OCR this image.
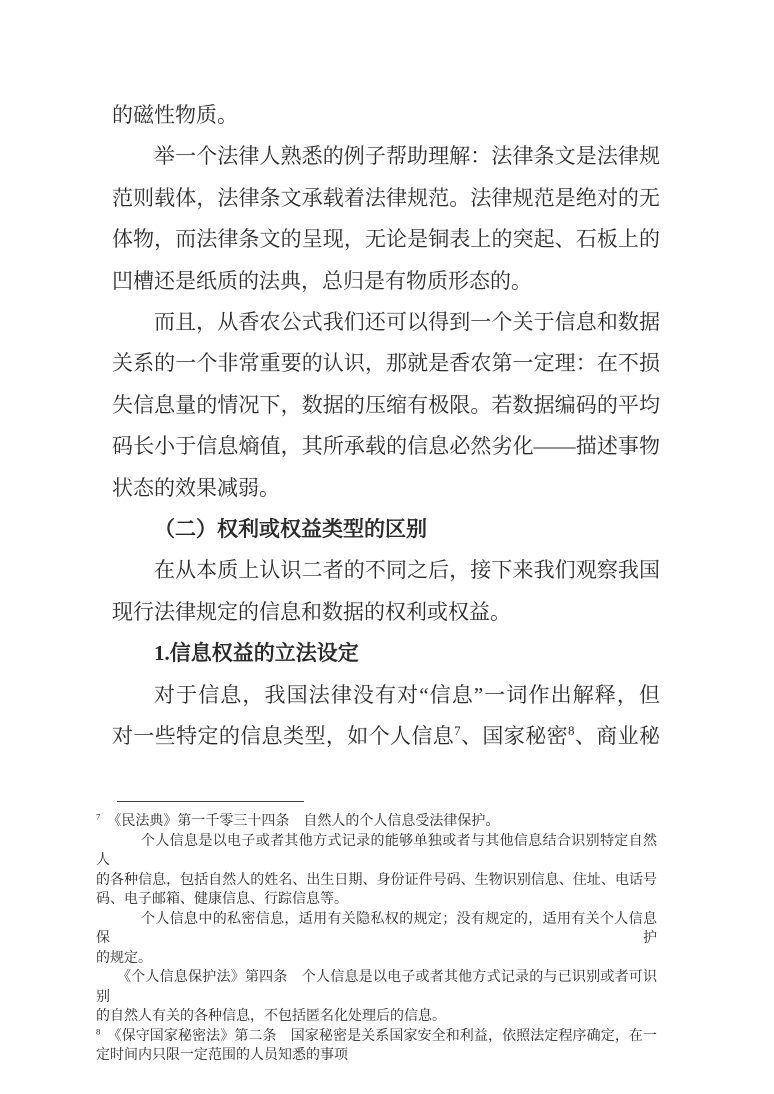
的磁性物质。
举一个法律人熟悉的例子帮助理解：法律条文是法律规
范则载体，法律条文承载着法律规范。法律规范是绝对的无
体物，而法律条文的呈现，无论是铜表上的突起、石板上的
凹槽还是纸质的法典，总归是有物质形态的。
而且，从香农公式我们还可以得到一个关于信息和数据
关系的一个非常重要的认识，那就是香农第一定理：在不损
失信息量的情况下，数据的压缩有极限。若数据编码的平均
码长小于信息熵值，其所承载的信息必然劣化——描述事物
状态的效果减弱。
（二）权利或权益类型的区别
在从本质上认识二者的不同之后，接下来我们观察我国
现行法律规定的信息和数据的权利或权益。
1.信息权益的立法设定
对于信息，我国法律没有对“信息”一词作出解释，但
对一些特定的信息类型，如个人信息$^7$、国家秘密$^8$、商业秘
$^7$　《民法典》第一千零三十四条　自然人的个人信息受法律保护。
个人信息是以电子或者其他方式记录的能够单独或者与其他信息结合识别特定自然人
的各种信息，包括自然人的姓名、出生日期、身份证件号码、生物识别信息、住址、电话号
码、电子邮箱、健康信息、行踪信息等。
个人信息中的私密信息，适用有关隐私权的规定；没有规定的，适用有关个人信息保护
的规定。
《个人信息保护法》第四条　个人信息是以电子或者其他方式记录的与已识别或者可识别
的自然人有关的各种信息，不包括匿名化处理后的信息。
$^8$　《保守国家秘密法》第二条　国家秘密是关系国家安全和利益，依照法定程序确定，在一
定时间内只限一定范围的人员知悉的事项
